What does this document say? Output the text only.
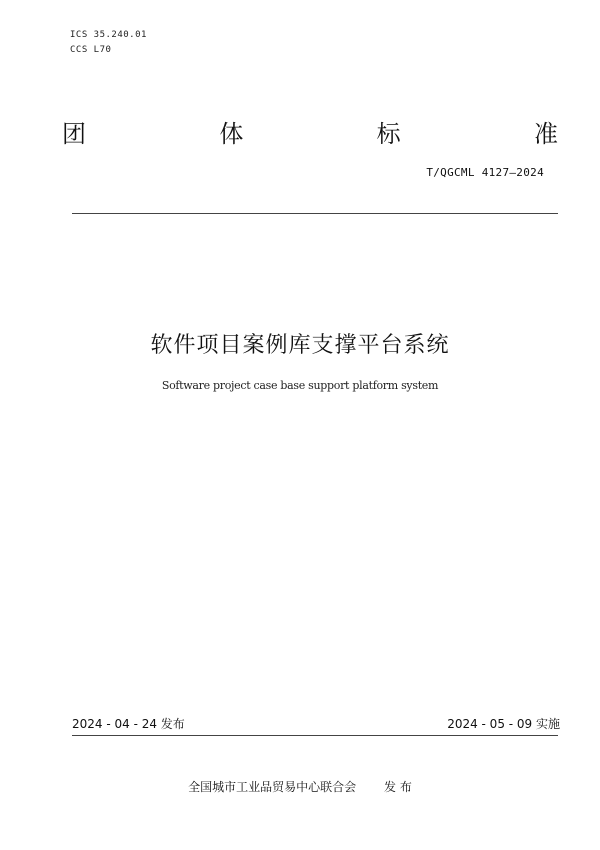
ICS 35.240.01
CCS L70
团	体	标	准
T/QGCML 4127—2024
软件项目案例库支撑平台系统
Software project case base support platform system
2024 - 04 - 24 发布	2024 - 05 - 09 实施
全国城市工业品贸易中心联合会 发 布
